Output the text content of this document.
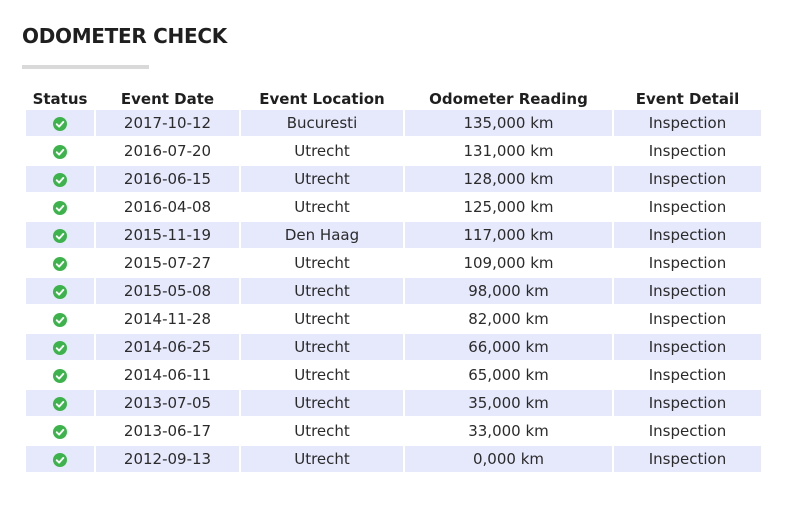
ODOMETER CHECK
Status	Event Date	Event Location	Odometer Reading	Event Detail
	2017-10-12	Bucuresti	135,000 km	Inspection
	2016-07-20	Utrecht	131,000 km	Inspection
	2016-06-15	Utrecht	128,000 km	Inspection
	2016-04-08	Utrecht	125,000 km	Inspection
	2015-11-19	Den Haag	117,000 km	Inspection
	2015-07-27	Utrecht	109,000 km	Inspection
	2015-05-08	Utrecht	98,000 km	Inspection
	2014-11-28	Utrecht	82,000 km	Inspection
	2014-06-25	Utrecht	66,000 km	Inspection
	2014-06-11	Utrecht	65,000 km	Inspection
	2013-07-05	Utrecht	35,000 km	Inspection
	2013-06-17	Utrecht	33,000 km	Inspection
	2012-09-13	Utrecht	0,000 km	Inspection
